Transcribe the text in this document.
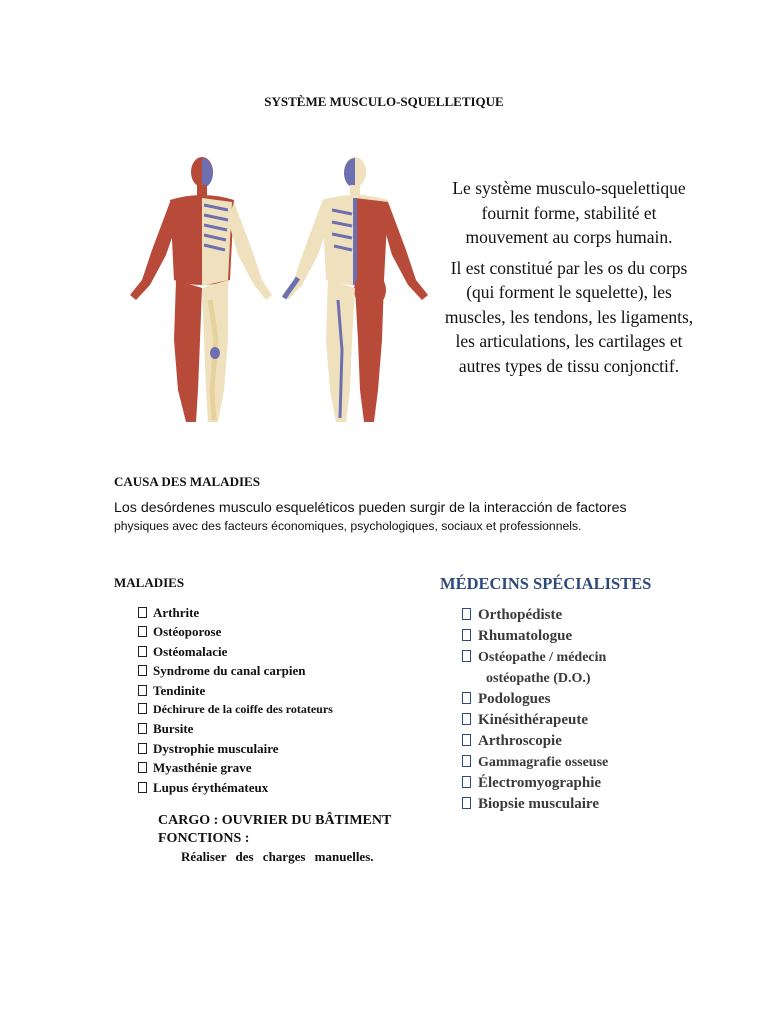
SYSTÈME MUSCULO-SQUELLETIQUE

Le système musculo-squelettique fournit forme, stabilité et mouvement au corps humain.

Il est constitué par les os du corps (qui forment le squelette), les muscles, les tendons, les ligaments, les articulations, les cartilages et autres types de tissu conjonctif.

CAUSA DES MALADIES
Los desórdenes musculo esqueléticos pueden surgir de la interacción de factores
physiques avec des facteurs économiques, psychologiques, sociaux et professionnels.
MALADIES
Arthrite
Ostéoporose
Ostéomalacie
Syndrome du canal carpien
Tendinite
Déchirure de la coiffe des rotateurs
Bursite
Dystrophie musculaire
Myasthénie grave
Lupus érythémateux
MÉDECINS SPÉCIALISTES
Orthopédiste
Rhumatologue
Ostéopathe / médecin
ostéopathe (D.O.)
Podologues
Kinésithérapeute
Arthroscopie
Gammagrafie osseuse
Électromyographie
Biopsie musculaire
CARGO : OUVRIER DU BÂTIMENT
FONCTIONS :
Réaliser des charges manuelles.
